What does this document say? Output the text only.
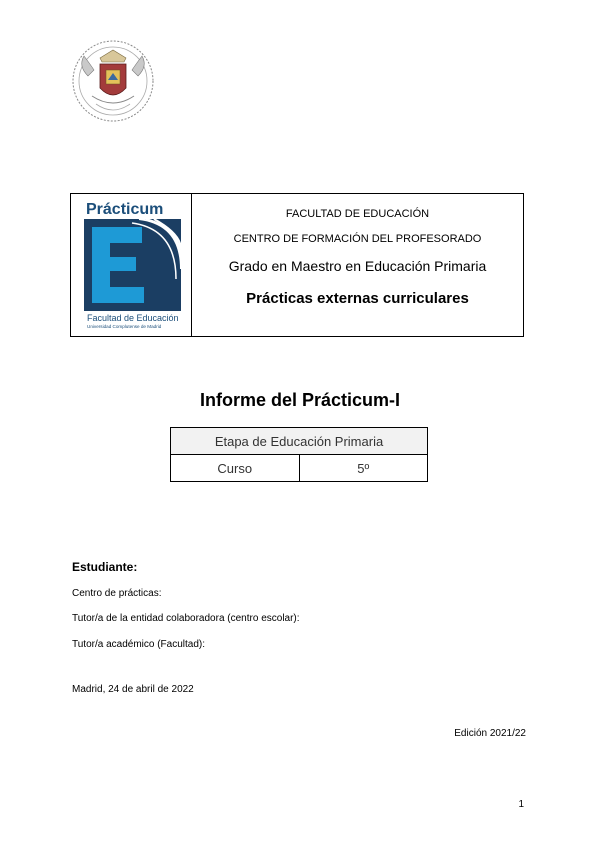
Prácticum
Facultad de Educación
Universidad Complutense de Madrid
FACULTAD DE EDUCACIÓN
CENTRO DE FORMACIÓN DEL PROFESORADO
Grado en Maestro en Educación Primaria
Prácticas externas curriculares
Informe del Prácticum-I
Etapa de Educación Primaria
Curso	5º
Estudiante:
Centro de prácticas:
Tutor/a de la entidad colaboradora (centro escolar):
Tutor/a académico (Facultad):
Madrid, 24 de abril de 2022
Edición 2021/22
1
